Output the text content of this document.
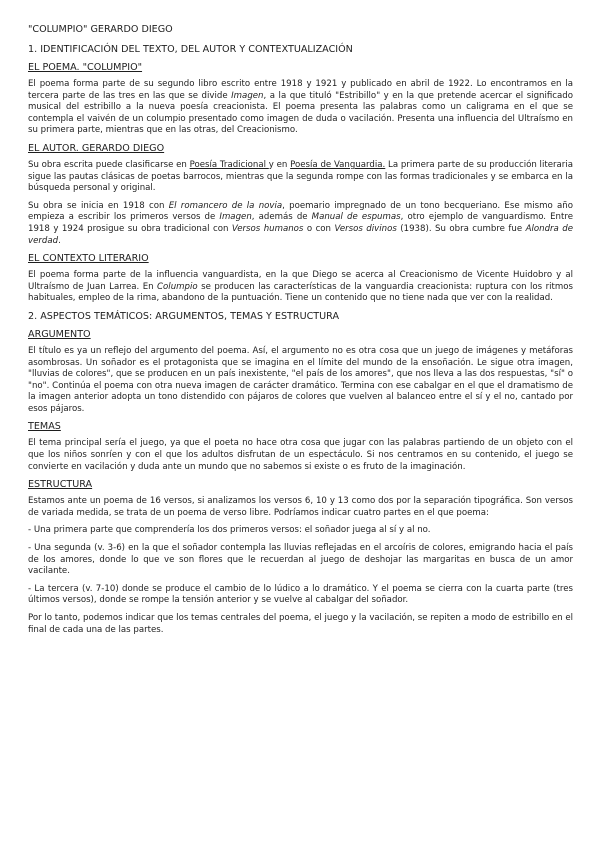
"COLUMPIO" GERARDO DIEGO
1. IDENTIFICACIÓN DEL TEXTO, DEL AUTOR Y CONTEXTUALIZACIÓN
EL POEMA. "COLUMPIO"

El poema forma parte de su segundo libro escrito entre 1918 y 1921 y publicado en abril de 1922. Lo encontramos en la tercera parte de las tres en las que se divide Imagen, a la que tituló "Estribillo" y en la que pretende acercar el significado musical del estribillo a la nueva poesía creacionista. El poema presenta las palabras como un caligrama en el que se contempla el vaivén de un columpio presentado como imagen de duda o vacilación. Presenta una influencia del Ultraísmo en su primera parte, mientras que en las otras, del Creacionismo.

EL AUTOR. GERARDO DIEGO

Su obra escrita puede clasificarse en Poesía Tradicional y en Poesía de Vanguardia. La primera parte de su producción literaria sigue las pautas clásicas de poetas barrocos, mientras que la segunda rompe con las formas tradicionales y se embarca en la búsqueda personal y original.

Su obra se inicia en 1918 con El romancero de la novia, poemario impregnado de un tono becqueriano. Ese mismo año empieza a escribir los primeros versos de Imagen, además de Manual de espumas, otro ejemplo de vanguardismo. Entre 1918 y 1924 prosigue su obra tradicional con Versos humanos o con Versos divinos (1938). Su obra cumbre fue Alondra de verdad.

EL CONTEXTO LITERARIO

El poema forma parte de la influencia vanguardista, en la que Diego se acerca al Creacionismo de Vicente Huidobro y al Ultraísmo de Juan Larrea. En Columpio se producen las características de la vanguardia creacionista: ruptura con los ritmos habituales, empleo de la rima, abandono de la puntuación. Tiene un contenido que no tiene nada que ver con la realidad.

2. ASPECTOS TEMÁTICOS: ARGUMENTOS, TEMAS Y ESTRUCTURA
ARGUMENTO

El título es ya un reflejo del argumento del poema. Así, el argumento no es otra cosa que un juego de imágenes y metáforas asombrosas. Un soñador es el protagonista que se imagina en el límite del mundo de la ensoñación. Le sigue otra imagen, "lluvias de colores", que se producen en un país inexistente, "el país de los amores", que nos lleva a las dos respuestas, "sí" o "no". Continúa el poema con otra nueva imagen de carácter dramático. Termina con ese cabalgar en el que el dramatismo de la imagen anterior adopta un tono distendido con pájaros de colores que vuelven al balanceo entre el sí y el no, cantado por esos pájaros.

TEMAS

El tema principal sería el juego, ya que el poeta no hace otra cosa que jugar con las palabras partiendo de un objeto con el que los niños sonríen y con el que los adultos disfrutan de un espectáculo. Si nos centramos en su contenido, el juego se convierte en vacilación y duda ante un mundo que no sabemos si existe o es fruto de la imaginación.

ESTRUCTURA

Estamos ante un poema de 16 versos, si analizamos los versos 6, 10 y 13 como dos por la separación tipográfica. Son versos de variada medida, se trata de un poema de verso libre. Podríamos indicar cuatro partes en el que poema:

- Una primera parte que comprendería los dos primeros versos: el soñador juega al sí y al no.

- Una segunda (v. 3-6) en la que el soñador contempla las lluvias reflejadas en el arcoíris de colores, emigrando hacia el país de los amores, donde lo que ve son flores que le recuerdan al juego de deshojar las margaritas en busca de un amor vacilante.

- La tercera (v. 7-10) donde se produce el cambio de lo lúdico a lo dramático. Y el poema se cierra con la cuarta parte (tres últimos versos), donde se rompe la tensión anterior y se vuelve al cabalgar del soñador.

Por lo tanto, podemos indicar que los temas centrales del poema, el juego y la vacilación, se repiten a modo de estribillo en el final de cada una de las partes.
